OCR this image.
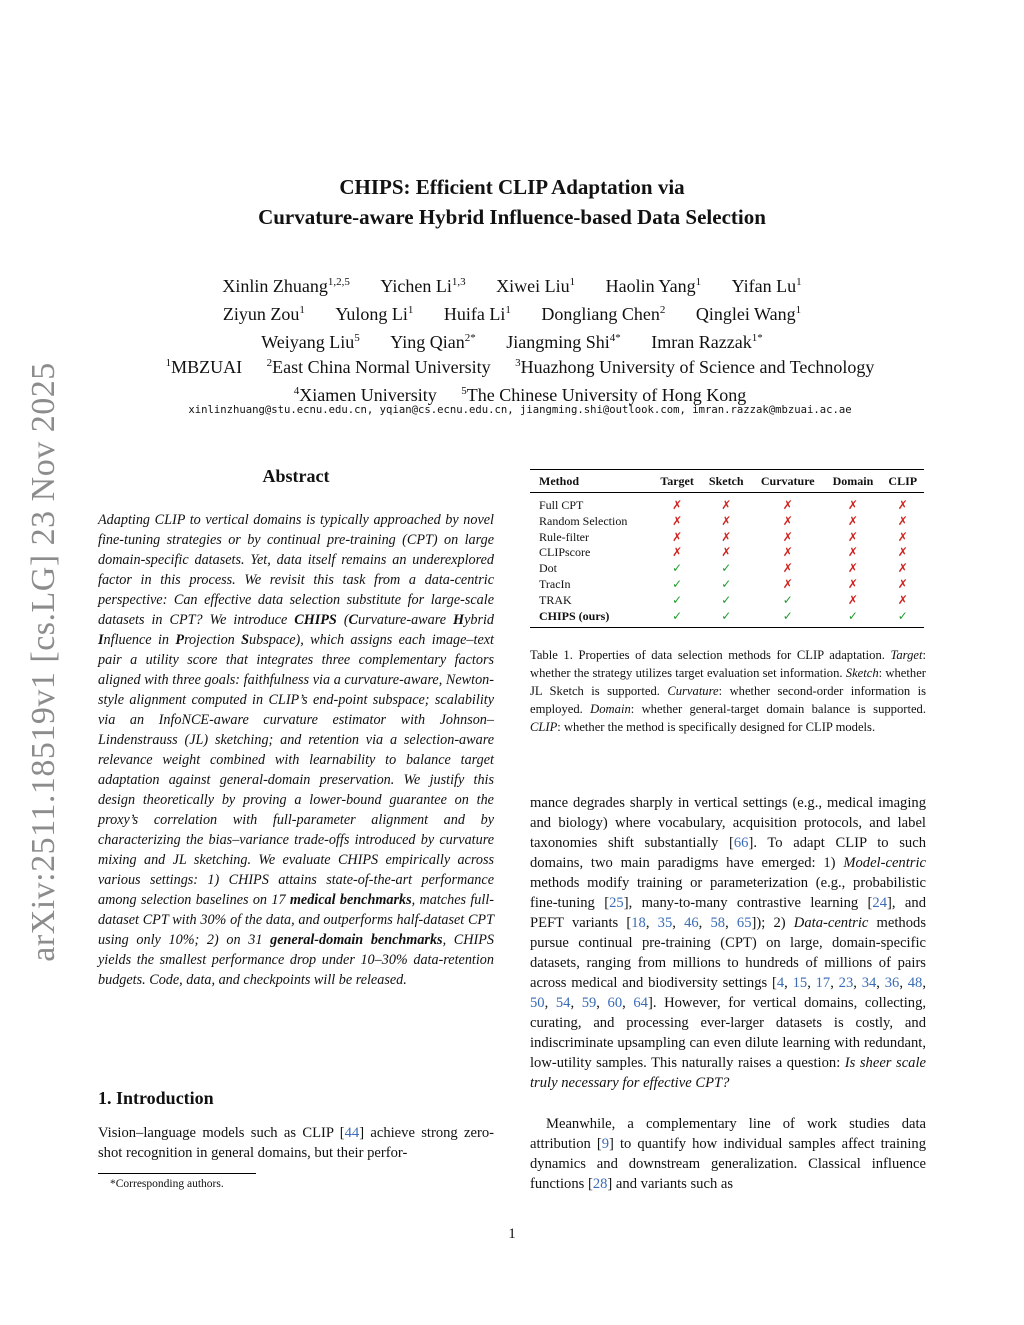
arXiv:2511.18519v1 [cs.LG] 23 Nov 2025
CHIPS: Efficient CLIP Adaptation via
Curvature-aware Hybrid Influence-based Data Selection
Xinlin Zhuang$^{1,2,5}$ Yichen Li$^{1,3}$ Xiwei Liu$^1$ Haolin Yang$^1$ Yifan Lu$^1$
Ziyun Zou$^1$ Yulong Li$^1$ Huifa Li$^1$ Dongliang Chen$^2$ Qinglei Wang$^1$
Weiyang Liu$^5$ Ying Qian$^{2*}$ Jiangming Shi$^{4*}$ Imran Razzak$^{1*}$
$^1$MBZUAI $^2$East China Normal University $^3$Huazhong University of Science and Technology
$^4$Xiamen University $^5$The Chinese University of Hong Kong
xinlinzhuang@stu.ecnu.edu.cn, yqian@cs.ecnu.edu.cn, jiangming.shi@outlook.com, imran.razzak@mbzuai.ac.ae
Abstract
Adapting CLIP to vertical domains is typically approached by novel fine-tuning strategies or by continual pre-training (CPT) on large domain-specific datasets. Yet, data itself remains an underexplored factor in this process. We revisit this task from a data-centric perspective: Can effective data selection substitute for large-scale datasets in CPT? We introduce CHIPS (Curvature-aware Hybrid Influence in Projection Subspace), which assigns each image–text pair a utility score that integrates three complementary factors aligned with three goals: faithfulness via a curvature-aware, Newton-style alignment computed in CLIP’s end-point subspace; scalability via an InfoNCE-aware curvature estimator with Johnson–Lindenstrauss (JL) sketching; and retention via a selection-aware relevance weight combined with learnability to balance target adaptation against general-domain preservation. We justify this design theoretically by proving a lower-bound guarantee on the proxy’s correlation with full-parameter alignment and by characterizing the bias–variance trade-offs introduced by curvature mixing and JL sketching. We evaluate CHIPS empirically across various settings: 1) CHIPS attains state-of-the-art performance among selection baselines on 17 medical benchmarks, matches full-dataset CPT with 30% of the data, and outperforms half-dataset CPT using only 10%; 2) on 31 general-domain benchmarks, CHIPS yields the smallest performance drop under 10–30% data-retention budgets. Code, data, and checkpoints will be released.
1. Introduction
Vision–language models such as CLIP [44] achieve strong zero-shot recognition in general domains, but their perfor-
*Corresponding authors.
Method	Target	Sketch	Curvature	Domain	CLIP
Full CPT	✗	✗	✗	✗	✗
Random Selection	✗	✗	✗	✗	✗
Rule-filter	✗	✗	✗	✗	✗
CLIPscore	✗	✗	✗	✗	✗
Dot	✓	✓	✗	✗	✗
TracIn	✓	✓	✗	✗	✗
TRAK	✓	✓	✓	✗	✗
CHIPS (ours)	✓	✓	✓	✓	✓
Table 1. Properties of data selection methods for CLIP adaptation. Target: whether the strategy utilizes target evaluation set information. Sketch: whether JL Sketch is supported. Curvature: whether second-order information is employed. Domain: whether general-target domain balance is supported. CLIP: whether the method is specifically designed for CLIP models.
mance degrades sharply in vertical settings (e.g., medical imaging and biology) where vocabulary, acquisition protocols, and label taxonomies shift substantially [66]. To adapt CLIP to such domains, two main paradigms have emerged: 1) Model-centric methods modify training or parameterization (e.g., probabilistic fine-tuning [25], many-to-many contrastive learning [24], and PEFT variants [18, 35, 46, 58, 65]); 2) Data-centric methods pursue continual pre-training (CPT) on large, domain-specific datasets, ranging from millions to hundreds of millions of pairs across medical and biodiversity settings [4, 15, 17, 23, 34, 36, 48, 50, 54, 59, 60, 64]. However, for vertical domains, collecting, curating, and processing ever-larger datasets is costly, and indiscriminate upsampling can even dilute learning with redundant, low-utility samples. This naturally raises a question: Is sheer scale truly necessary for effective CPT?
Meanwhile, a complementary line of work studies data attribution [9] to quantify how individual samples affect training dynamics and downstream generalization. Classical influence functions [28] and variants such as
1
